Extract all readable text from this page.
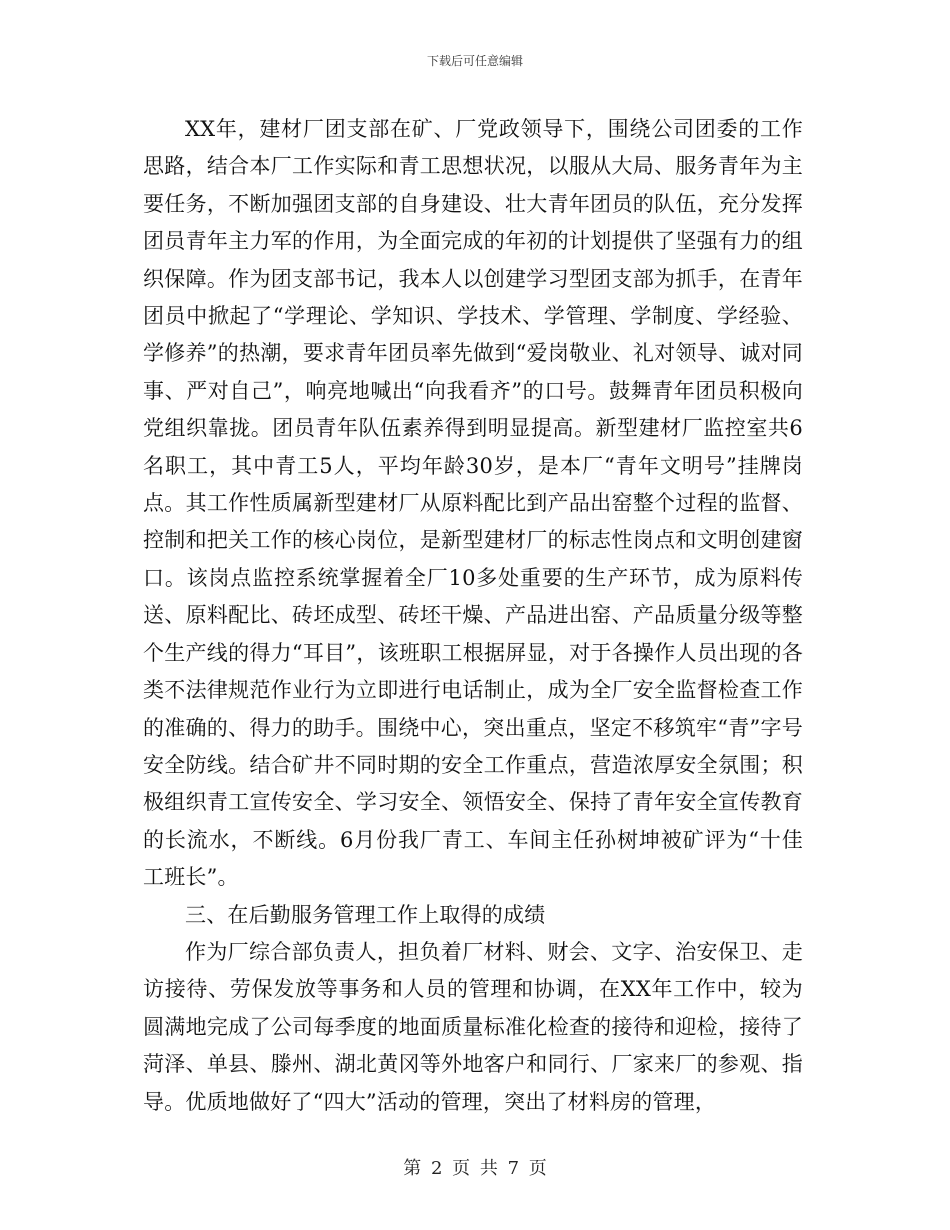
下载后可任意编辑

XX年，建材厂团支部在矿、厂党政领导下，围绕公司团委的工作思路，结合本厂工作实际和青工思想状况，以服从大局、服务青年为主要任务，不断加强团支部的自身建设、壮大青年团员的队伍，充分发挥团员青年主力军的作用，为全面完成的年初的计划提供了坚强有力的组织保障。作为团支部书记，我本人以创建学习型团支部为抓手，在青年团员中掀起了“学理论、学知识、学技术、学管理、学制度、学经验、学修养”的热潮，要求青年团员率先做到“爱岗敬业、礼对领导、诚对同事、严对自己”，响亮地喊出“向我看齐”的口号。鼓舞青年团员积极向党组织靠拢。团员青年队伍素养得到明显提高。新型建材厂监控室共6名职工，其中青工5人，平均年龄30岁，是本厂“青年文明号”挂牌岗点。其工作性质属新型建材厂从原料配比到产品出窑整个过程的监督、控制和把关工作的核心岗位，是新型建材厂的标志性岗点和文明创建窗口。该岗点监控系统掌握着全厂10多处重要的生产环节，成为原料传送、原料配比、砖坯成型、砖坯干燥、产品进出窑、产品质量分级等整个生产线的得力“耳目”，该班职工根据屏显，对于各操作人员出现的各类不法律规范作业行为立即进行电话制止，成为全厂安全监督检查工作的准确的、得力的助手。围绕中心，突出重点，坚定不移筑牢“青”字号安全防线。结合矿井不同时期的安全工作重点，营造浓厚安全氛围；积极组织青工宣传安全、学习安全、领悟安全、保持了青年安全宣传教育的长流水，不断线。6月份我厂青工、车间主任孙树坤被矿评为“十佳工班长”。

三、在后勤服务管理工作上取得的成绩

作为厂综合部负责人，担负着厂材料、财会、文字、治安保卫、走访接待、劳保发放等事务和人员的管理和协调，在XX年工作中，较为圆满地完成了公司每季度的地面质量标准化检查的接待和迎检，接待了菏泽、单县、滕州、湖北黄冈等外地客户和同行、厂家来厂的参观、指导。优质地做好了“四大”活动的管理，突出了材料房的管理，

第 2 页 共 7 页
